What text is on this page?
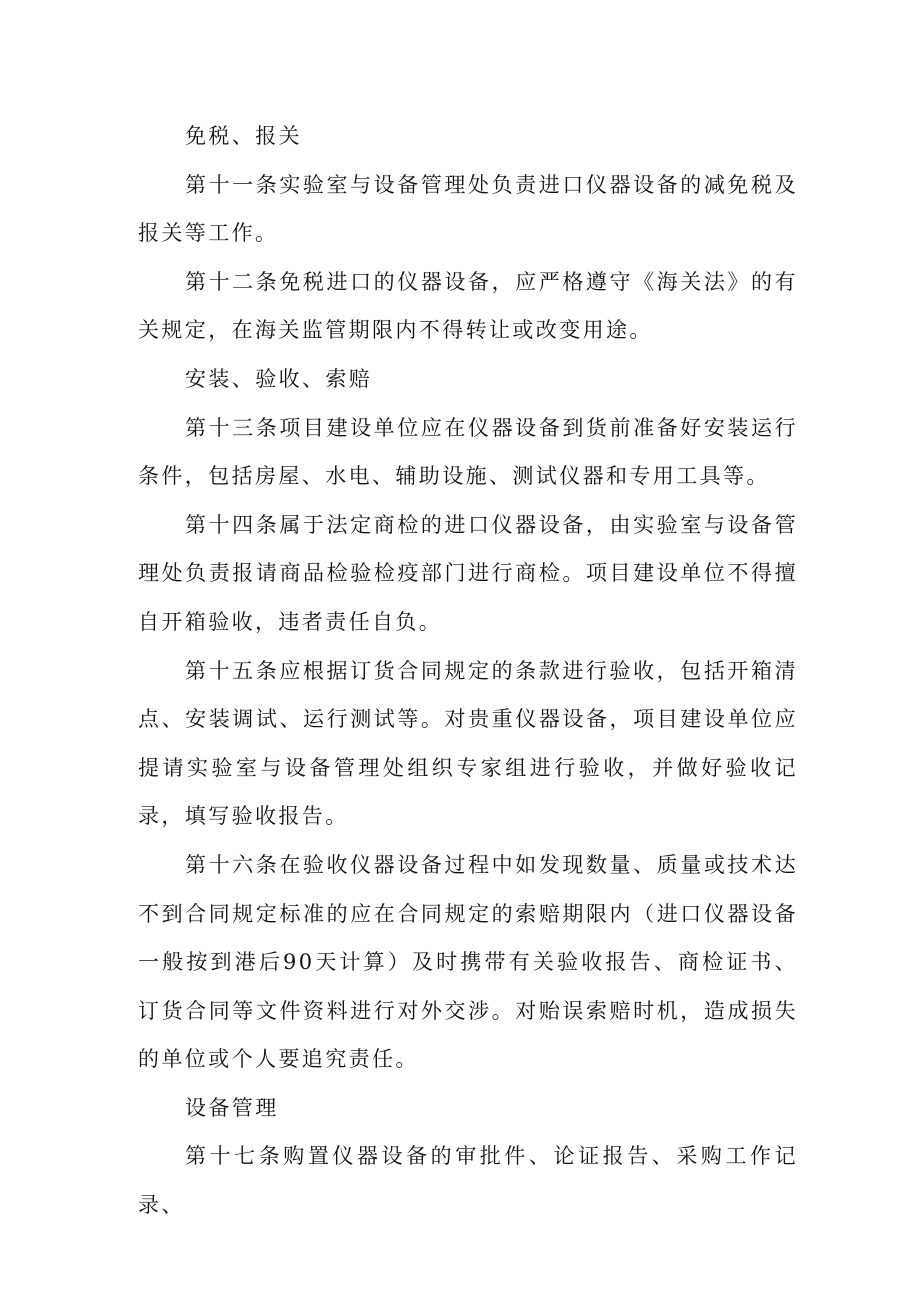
免税、报关

第十一条实验室与设备管理处负责进口仪器设备的减免税及报关等工作。

第十二条免税进口的仪器设备，应严格遵守《海关法》的有关规定，在海关监管期限内不得转让或改变用途。

安装、验收、索赔

第十三条项目建设单位应在仪器设备到货前准备好安装运行条件，包括房屋、水电、辅助设施、测试仪器和专用工具等。

第十四条属于法定商检的进口仪器设备，由实验室与设备管理处负责报请商品检验检疫部门进行商检。项目建设单位不得擅自开箱验收，违者责任自负。

第十五条应根据订货合同规定的条款进行验收，包括开箱清点、安装调试、运行测试等。对贵重仪器设备，项目建设单位应提请实验室与设备管理处组织专家组进行验收，并做好验收记录，填写验收报告。

第十六条在验收仪器设备过程中如发现数量、质量或技术达不到合同规定标准的应在合同规定的索赔期限内（进口仪器设备一般按到港后90天计算）及时携带有关验收报告、商检证书、订货合同等文件资料进行对外交涉。对贻误索赔时机，造成损失的单位或个人要追究责任。

设备管理

第十七条购置仪器设备的审批件、论证报告、采购工作记录、
